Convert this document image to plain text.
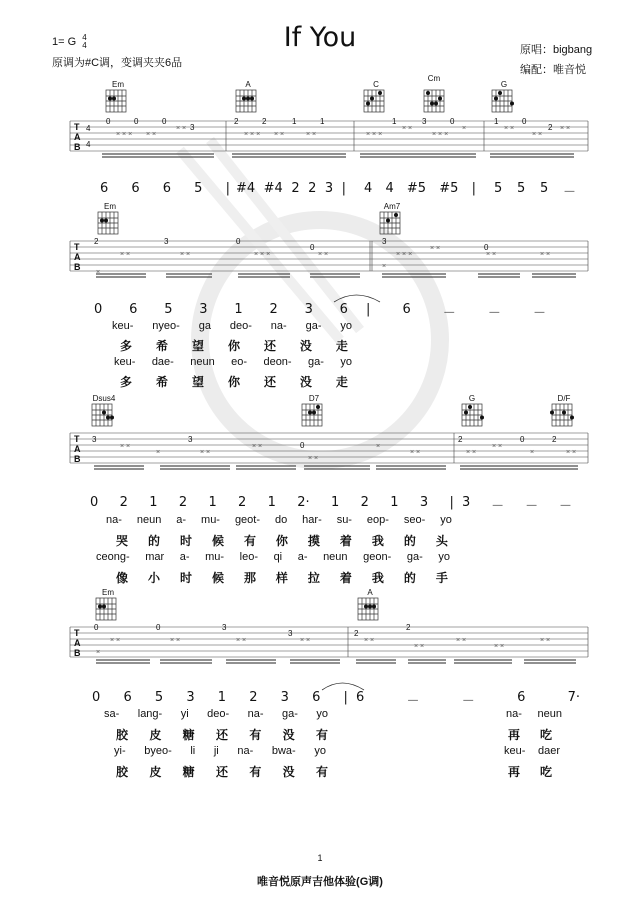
If You
1= G 4
4
原调为#C调，变调夹夹6品
原唱：bigbang
编配：唯音悦
Em	A	C
Cm
G
T
A
B
4
4
0	0	0
3
2	2	1	1	1	3	0	1	0
2
× × × × ×
× ×
× × × × ×	× ×	× × ×
× ×
× × ×
×	× ×
× ×
× ×
6 6 6 5 | #4 #4 2 2 3 | 4 4 #5 #5 | 5 5 5 －
Em	Am7
T
A
B
2	3	0
0
3
0
×
× ×	× ×	× × ×	× ×
×
× × ×
× ×
× ×	× ×
0 6 5 3 1 2 3 6 | 6 － － －
keu- nyeo- ga deo- na- ga- yo
多 希 望 你 还 没 走
keu- dae- neun eo- deon- ga- yo
多 希 望 你 还 没 走
Dsus4	D7	G	D/F
T
A
B
3	3
0
2	0	2
× ×
×	× ×
× ×
× ×
×
× ×	× ×
× ×
×	× ×
0 2 1 2 1 2 1 2· 1 2 1 3 | 3 － － －
na- neun a- mu- geot- do har- su- eop- seo- yo
哭 的 时 候 有 你 摸 着 我 的 头
ceong- mar a- mu- leo- qi a- neun geon- ga- yo
像 小 时 候 那 样 拉 着 我 的 手
Em	A
T
A
B
0	0	3
3	2
2
×
× ×	× ×	× ×	× ×	× ×
× ×
× ×
× ×
× ×
0 6 5 3 1 2 3 6 | 6	－	－	6	7·
sa- lang- yi deo- na- ga- yo	na- neun
胶 皮 糖 还 有 没 有	再 吃
yi- byeo- li ji na- bwa- yo	keu- daer
胶 皮 糖 还 有 没 有	再 吃
1
唯音悦原声吉他体验(G调)
